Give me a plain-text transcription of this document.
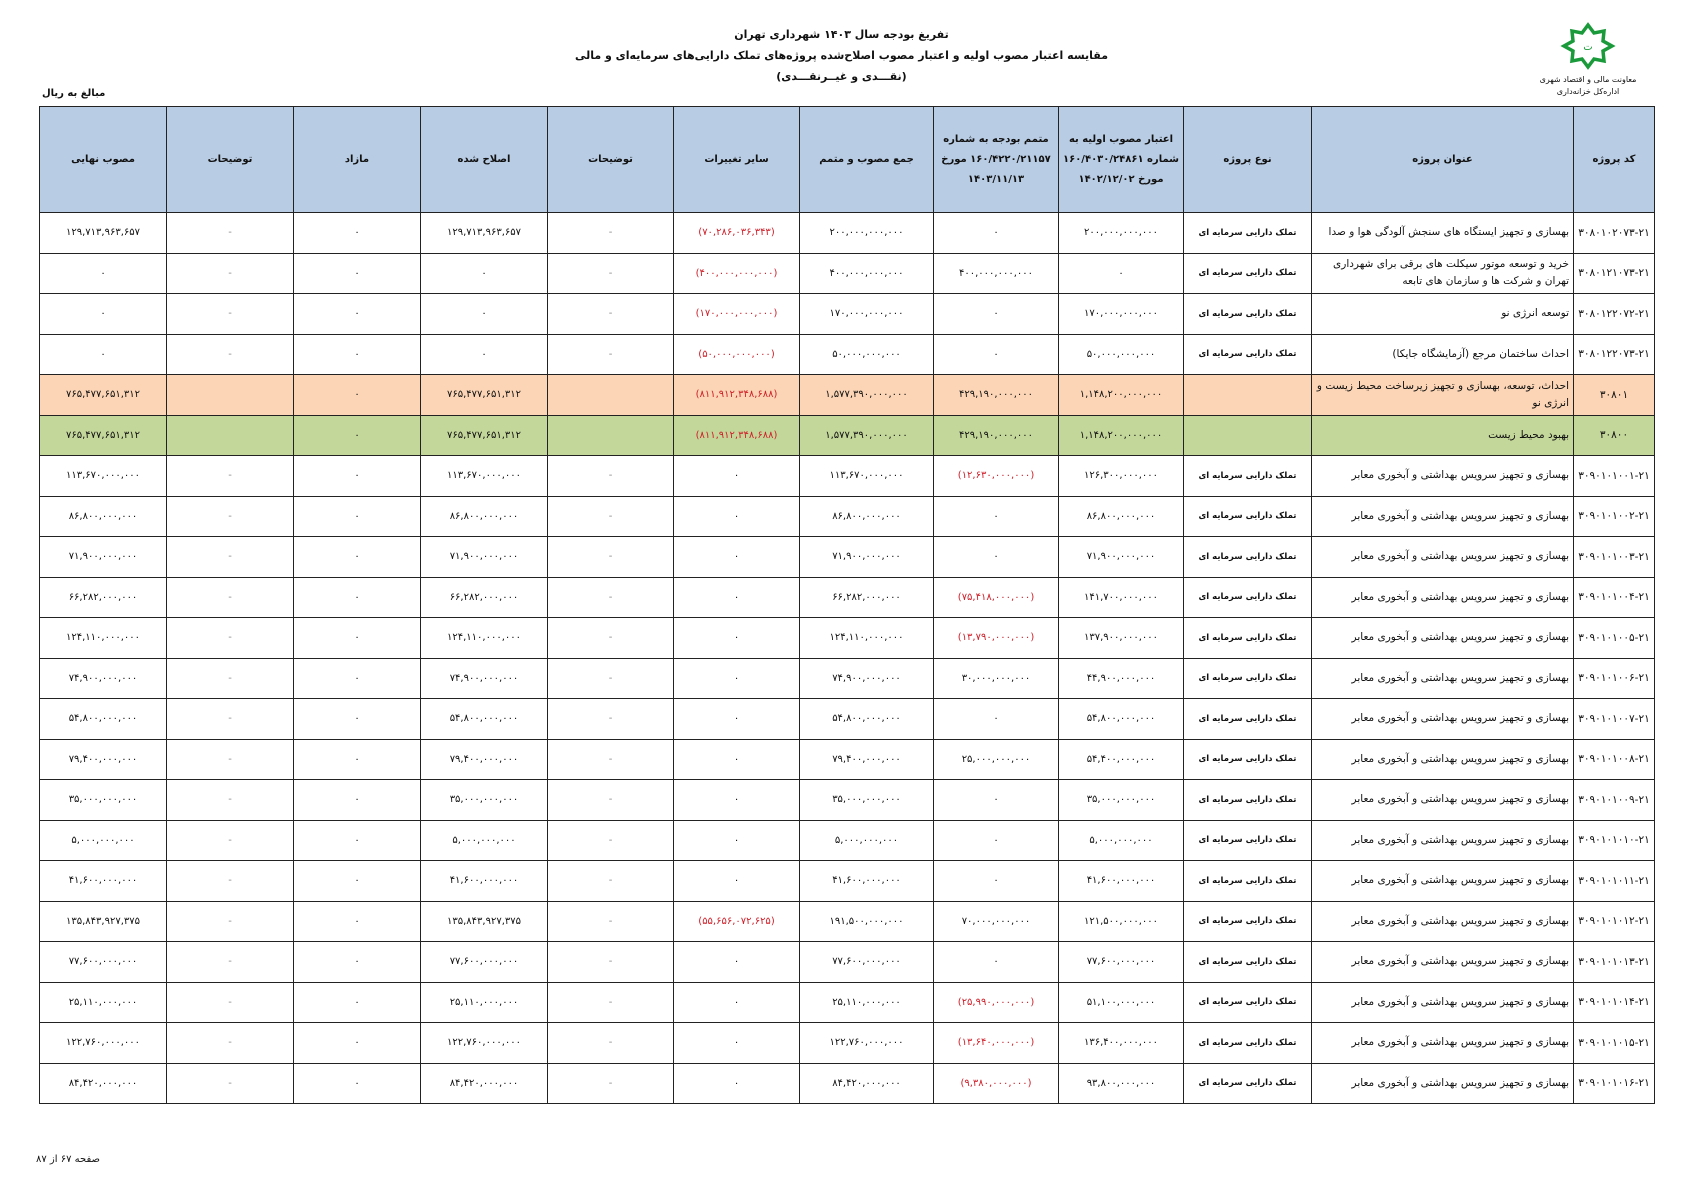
تفریغ بودجه سال ۱۴۰۳ شهرداری تهران
مقایسه اعتبار مصوب اولیه و اعتبار مصوب اصلاح‌شده پروژه‌های تملک دارایی‌های سرمایه‌ای و مالی
(نقـــدی و غیــرنقـــدی)
ت
معاونت مالی و اقتصاد شهری
اداره‌کل خزانه‌داری
مبالغ به ریال
کد پروژه	عنوان پروژه	نوع پروژه	اعتبار مصوب اولیه به شماره ۱۶۰/۴۰۳۰/۲۴۸۶۱ مورخ ۱۴۰۲/۱۲/۰۲	متمم بودجه به شماره ۱۶۰/۴۲۲۰/۲۱۱۵۷ مورخ ۱۴۰۳/۱۱/۱۳	جمع مصوب و متمم	سایر تغییرات	توضیحات	اصلاح شده	مازاد	توضیحات	مصوب نهایی
۳۰۸۰۱۰۲۰۷۳-۲۱	بهسازی و تجهیز ایستگاه های سنجش آلودگی هوا و صدا	تملک دارایی سرمایه ای	۲۰۰,۰۰۰,۰۰۰,۰۰۰	۰	۲۰۰,۰۰۰,۰۰۰,۰۰۰	(۷۰,۲۸۶,۰۳۶,۳۴۳)	-	۱۲۹,۷۱۳,۹۶۳,۶۵۷	۰	-	۱۲۹,۷۱۳,۹۶۳,۶۵۷
۳۰۸۰۱۲۱۰۷۳-۲۱	خرید و توسعه موتور سیکلت های برقی برای شهرداری تهران و شرکت ها و سازمان های تابعه	تملک دارایی سرمایه ای	۰	۴۰۰,۰۰۰,۰۰۰,۰۰۰	۴۰۰,۰۰۰,۰۰۰,۰۰۰	(۴۰۰,۰۰۰,۰۰۰,۰۰۰)	-	۰	۰	-	۰
۳۰۸۰۱۲۲۰۷۲-۲۱	توسعه انرژی نو	تملک دارایی سرمایه ای	۱۷۰,۰۰۰,۰۰۰,۰۰۰	۰	۱۷۰,۰۰۰,۰۰۰,۰۰۰	(۱۷۰,۰۰۰,۰۰۰,۰۰۰)	-	۰	۰	-	۰
۳۰۸۰۱۲۲۰۷۳-۲۱	احداث ساختمان مرجع (آزمایشگاه جایکا)	تملک دارایی سرمایه ای	۵۰,۰۰۰,۰۰۰,۰۰۰	۰	۵۰,۰۰۰,۰۰۰,۰۰۰	(۵۰,۰۰۰,۰۰۰,۰۰۰)	-	۰	۰	-	۰
۳۰۸۰۱	احداث، توسعه، بهسازی و تجهیز زیرساخت محیط زیست و انرژی نو		۱,۱۴۸,۲۰۰,۰۰۰,۰۰۰	۴۲۹,۱۹۰,۰۰۰,۰۰۰	۱,۵۷۷,۳۹۰,۰۰۰,۰۰۰	(۸۱۱,۹۱۲,۳۴۸,۶۸۸)		۷۶۵,۴۷۷,۶۵۱,۳۱۲	۰		۷۶۵,۴۷۷,۶۵۱,۳۱۲
۳۰۸۰۰	بهبود محیط زیست		۱,۱۴۸,۲۰۰,۰۰۰,۰۰۰	۴۲۹,۱۹۰,۰۰۰,۰۰۰	۱,۵۷۷,۳۹۰,۰۰۰,۰۰۰	(۸۱۱,۹۱۲,۳۴۸,۶۸۸)		۷۶۵,۴۷۷,۶۵۱,۳۱۲	۰		۷۶۵,۴۷۷,۶۵۱,۳۱۲
۳۰۹۰۱۰۱۰۰۱-۲۱	بهسازی و تجهیز سرویس بهداشتی و آبخوری معابر	تملک دارایی سرمایه ای	۱۲۶,۳۰۰,۰۰۰,۰۰۰	(۱۲,۶۳۰,۰۰۰,۰۰۰)	۱۱۳,۶۷۰,۰۰۰,۰۰۰	۰	-	۱۱۳,۶۷۰,۰۰۰,۰۰۰	۰	-	۱۱۳,۶۷۰,۰۰۰,۰۰۰
۳۰۹۰۱۰۱۰۰۲-۲۱	بهسازی و تجهیز سرویس بهداشتی و آبخوری معابر	تملک دارایی سرمایه ای	۸۶,۸۰۰,۰۰۰,۰۰۰	۰	۸۶,۸۰۰,۰۰۰,۰۰۰	۰	-	۸۶,۸۰۰,۰۰۰,۰۰۰	۰	-	۸۶,۸۰۰,۰۰۰,۰۰۰
۳۰۹۰۱۰۱۰۰۳-۲۱	بهسازی و تجهیز سرویس بهداشتی و آبخوری معابر	تملک دارایی سرمایه ای	۷۱,۹۰۰,۰۰۰,۰۰۰	۰	۷۱,۹۰۰,۰۰۰,۰۰۰	۰	-	۷۱,۹۰۰,۰۰۰,۰۰۰	۰	-	۷۱,۹۰۰,۰۰۰,۰۰۰
۳۰۹۰۱۰۱۰۰۴-۲۱	بهسازی و تجهیز سرویس بهداشتی و آبخوری معابر	تملک دارایی سرمایه ای	۱۴۱,۷۰۰,۰۰۰,۰۰۰	(۷۵,۴۱۸,۰۰۰,۰۰۰)	۶۶,۲۸۲,۰۰۰,۰۰۰	۰	-	۶۶,۲۸۲,۰۰۰,۰۰۰	۰	-	۶۶,۲۸۲,۰۰۰,۰۰۰
۳۰۹۰۱۰۱۰۰۵-۲۱	بهسازی و تجهیز سرویس بهداشتی و آبخوری معابر	تملک دارایی سرمایه ای	۱۳۷,۹۰۰,۰۰۰,۰۰۰	(۱۳,۷۹۰,۰۰۰,۰۰۰)	۱۲۴,۱۱۰,۰۰۰,۰۰۰	۰	-	۱۲۴,۱۱۰,۰۰۰,۰۰۰	۰	-	۱۲۴,۱۱۰,۰۰۰,۰۰۰
۳۰۹۰۱۰۱۰۰۶-۲۱	بهسازی و تجهیز سرویس بهداشتی و آبخوری معابر	تملک دارایی سرمایه ای	۴۴,۹۰۰,۰۰۰,۰۰۰	۳۰,۰۰۰,۰۰۰,۰۰۰	۷۴,۹۰۰,۰۰۰,۰۰۰	۰	-	۷۴,۹۰۰,۰۰۰,۰۰۰	۰	-	۷۴,۹۰۰,۰۰۰,۰۰۰
۳۰۹۰۱۰۱۰۰۷-۲۱	بهسازی و تجهیز سرویس بهداشتی و آبخوری معابر	تملک دارایی سرمایه ای	۵۴,۸۰۰,۰۰۰,۰۰۰	۰	۵۴,۸۰۰,۰۰۰,۰۰۰	۰	-	۵۴,۸۰۰,۰۰۰,۰۰۰	۰	-	۵۴,۸۰۰,۰۰۰,۰۰۰
۳۰۹۰۱۰۱۰۰۸-۲۱	بهسازی و تجهیز سرویس بهداشتی و آبخوری معابر	تملک دارایی سرمایه ای	۵۴,۴۰۰,۰۰۰,۰۰۰	۲۵,۰۰۰,۰۰۰,۰۰۰	۷۹,۴۰۰,۰۰۰,۰۰۰	۰	-	۷۹,۴۰۰,۰۰۰,۰۰۰	۰	-	۷۹,۴۰۰,۰۰۰,۰۰۰
۳۰۹۰۱۰۱۰۰۹-۲۱	بهسازی و تجهیز سرویس بهداشتی و آبخوری معابر	تملک دارایی سرمایه ای	۳۵,۰۰۰,۰۰۰,۰۰۰	۰	۳۵,۰۰۰,۰۰۰,۰۰۰	۰	-	۳۵,۰۰۰,۰۰۰,۰۰۰	۰	-	۳۵,۰۰۰,۰۰۰,۰۰۰
۳۰۹۰۱۰۱۰۱۰-۲۱	بهسازی و تجهیز سرویس بهداشتی و آبخوری معابر	تملک دارایی سرمایه ای	۵,۰۰۰,۰۰۰,۰۰۰	۰	۵,۰۰۰,۰۰۰,۰۰۰	۰	-	۵,۰۰۰,۰۰۰,۰۰۰	۰	-	۵,۰۰۰,۰۰۰,۰۰۰
۳۰۹۰۱۰۱۰۱۱-۲۱	بهسازی و تجهیز سرویس بهداشتی و آبخوری معابر	تملک دارایی سرمایه ای	۴۱,۶۰۰,۰۰۰,۰۰۰	۰	۴۱,۶۰۰,۰۰۰,۰۰۰	۰	-	۴۱,۶۰۰,۰۰۰,۰۰۰	۰	-	۴۱,۶۰۰,۰۰۰,۰۰۰
۳۰۹۰۱۰۱۰۱۲-۲۱	بهسازی و تجهیز سرویس بهداشتی و آبخوری معابر	تملک دارایی سرمایه ای	۱۲۱,۵۰۰,۰۰۰,۰۰۰	۷۰,۰۰۰,۰۰۰,۰۰۰	۱۹۱,۵۰۰,۰۰۰,۰۰۰	(۵۵,۶۵۶,۰۷۲,۶۲۵)	-	۱۳۵,۸۴۳,۹۲۷,۳۷۵	۰	-	۱۳۵,۸۴۳,۹۲۷,۳۷۵
۳۰۹۰۱۰۱۰۱۳-۲۱	بهسازی و تجهیز سرویس بهداشتی و آبخوری معابر	تملک دارایی سرمایه ای	۷۷,۶۰۰,۰۰۰,۰۰۰	۰	۷۷,۶۰۰,۰۰۰,۰۰۰	۰	-	۷۷,۶۰۰,۰۰۰,۰۰۰	۰	-	۷۷,۶۰۰,۰۰۰,۰۰۰
۳۰۹۰۱۰۱۰۱۴-۲۱	بهسازی و تجهیز سرویس بهداشتی و آبخوری معابر	تملک دارایی سرمایه ای	۵۱,۱۰۰,۰۰۰,۰۰۰	(۲۵,۹۹۰,۰۰۰,۰۰۰)	۲۵,۱۱۰,۰۰۰,۰۰۰	۰	-	۲۵,۱۱۰,۰۰۰,۰۰۰	۰	-	۲۵,۱۱۰,۰۰۰,۰۰۰
۳۰۹۰۱۰۱۰۱۵-۲۱	بهسازی و تجهیز سرویس بهداشتی و آبخوری معابر	تملک دارایی سرمایه ای	۱۳۶,۴۰۰,۰۰۰,۰۰۰	(۱۳,۶۴۰,۰۰۰,۰۰۰)	۱۲۲,۷۶۰,۰۰۰,۰۰۰	۰	-	۱۲۲,۷۶۰,۰۰۰,۰۰۰	۰	-	۱۲۲,۷۶۰,۰۰۰,۰۰۰
۳۰۹۰۱۰۱۰۱۶-۲۱	بهسازی و تجهیز سرویس بهداشتی و آبخوری معابر	تملک دارایی سرمایه ای	۹۳,۸۰۰,۰۰۰,۰۰۰	(۹,۳۸۰,۰۰۰,۰۰۰)	۸۴,۴۲۰,۰۰۰,۰۰۰	۰	-	۸۴,۴۲۰,۰۰۰,۰۰۰	۰	-	۸۴,۴۲۰,۰۰۰,۰۰۰
صفحه ۶۷ از ۸۷
